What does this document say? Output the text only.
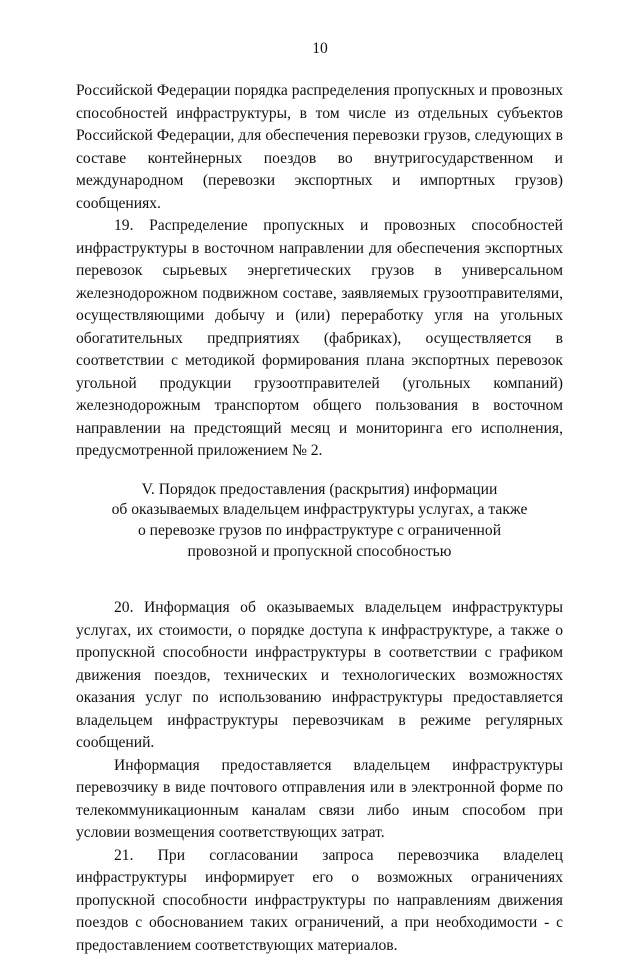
10

Российской Федерации порядка распределения пропускных и провозных способностей инфраструктуры, в том числе из отдельных субъектов Российской Федерации, для обеспечения перевозки грузов, следующих в составе контейнерных поездов во внутригосударственном и международном (перевозки экспортных и импортных грузов) сообщениях.

19. Распределение пропускных и провозных способностей инфраструктуры в восточном направлении для обеспечения экспортных перевозок сырьевых энергетических грузов в универсальном железнодорожном подвижном составе, заявляемых грузоотправителями, осуществляющими добычу и (или) переработку угля на угольных обогатительных предприятиях (фабриках), осуществляется в соответствии с методикой формирования плана экспортных перевозок угольной продукции грузоотправителей (угольных компаний) железнодорожным транспортом общего пользования в восточном направлении на предстоящий месяц и мониторинга его исполнения, предусмотренной приложением № 2.

V. Порядок предоставления (раскрытия) информации
об оказываемых владельцем инфраструктуры услугах, а также
о перевозке грузов по инфраструктуре с ограниченной
провозной и пропускной способностью

20. Информация об оказываемых владельцем инфраструктуры услугах, их стоимости, о порядке доступа к инфраструктуре, а также о пропускной способности инфраструктуры в соответствии с графиком движения поездов, технических и технологических возможностях оказания услуг по использованию инфраструктуры предоставляется владельцем инфраструктуры перевозчикам в режиме регулярных сообщений.

Информация предоставляется владельцем инфраструктуры перевозчику в виде почтового отправления или в электронной форме по телекоммуникационным каналам связи либо иным способом при условии возмещения соответствующих затрат.

21. При согласовании запроса перевозчика владелец инфраструктуры информирует его о возможных ограничениях пропускной способности инфраструктуры по направлениям движения поездов с обоснованием таких ограничений, а при необходимости - с предоставлением соответствующих материалов.
